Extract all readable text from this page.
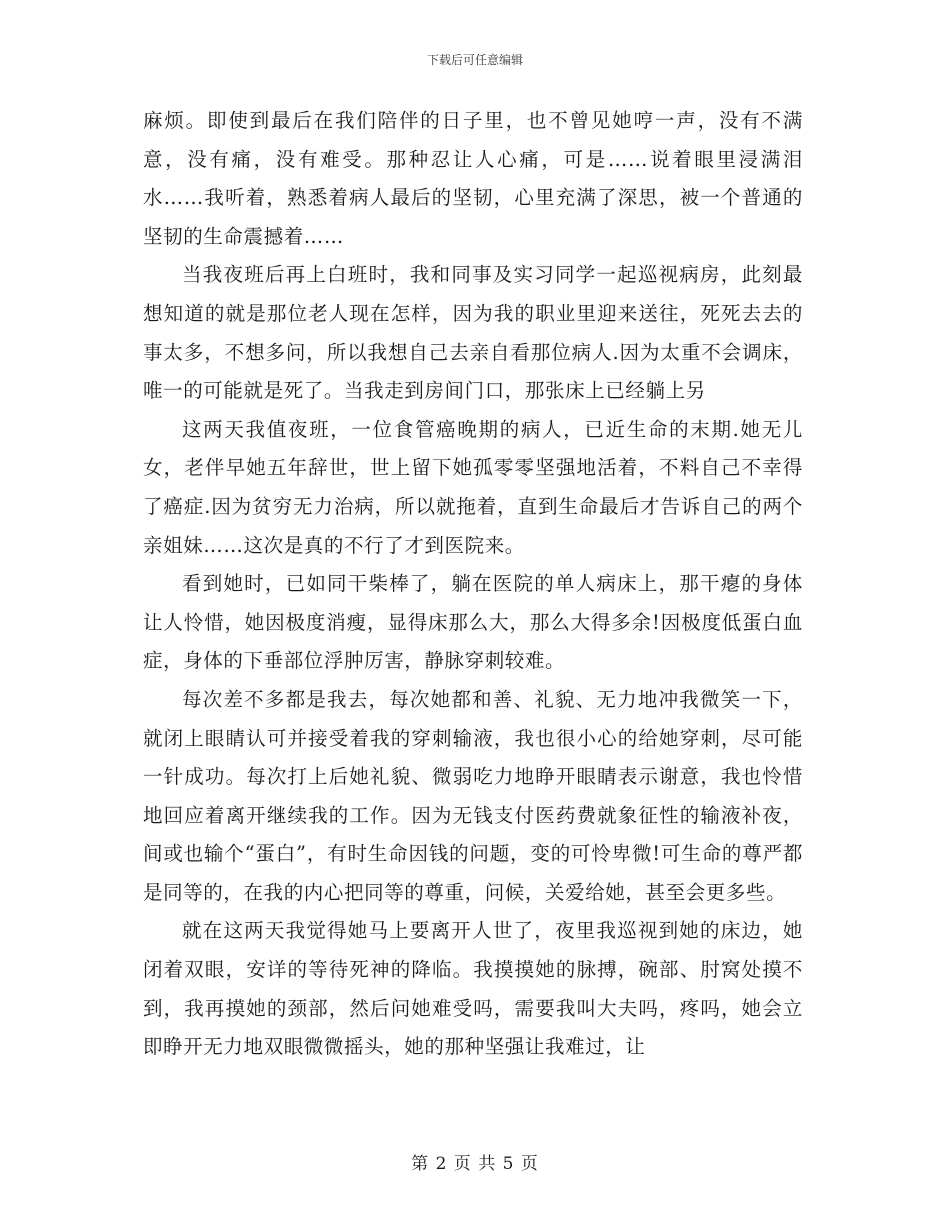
下载后可任意编辑

麻烦。即使到最后在我们陪伴的日子里，也不曾见她哼一声，没有不满意，没有痛，没有难受。那种忍让人心痛，可是……说着眼里浸满泪水……我听着，熟悉着病人最后的坚韧，心里充满了深思，被一个普通的坚韧的生命震撼着……

当我夜班后再上白班时，我和同事及实习同学一起巡视病房，此刻最想知道的就是那位老人现在怎样，因为我的职业里迎来送往，死死去去的事太多，不想多问，所以我想自己去亲自看那位病人.因为太重不会调床，唯一的可能就是死了。当我走到房间门口，那张床上已经躺上另

这两天我值夜班，一位食管癌晚期的病人，已近生命的末期.她无儿女，老伴早她五年辞世，世上留下她孤零零坚强地活着，不料自己不幸得了癌症.因为贫穷无力治病，所以就拖着，直到生命最后才告诉自己的两个亲姐妹……这次是真的不行了才到医院来。

看到她时，已如同干柴棒了，躺在医院的单人病床上，那干瘪的身体让人怜惜，她因极度消瘦，显得床那么大，那么大得多余!因极度低蛋白血症，身体的下垂部位浮肿厉害，静脉穿刺较难。

每次差不多都是我去，每次她都和善、礼貌、无力地冲我微笑一下，就闭上眼睛认可并接受着我的穿刺输液，我也很小心的给她穿刺，尽可能一针成功。每次打上后她礼貌、微弱吃力地睁开眼睛表示谢意，我也怜惜地回应着离开继续我的工作。因为无钱支付医药费就象征性的输液补夜，间或也输个“蛋白”，有时生命因钱的问题，变的可怜卑微!可生命的尊严都是同等的，在我的内心把同等的尊重，问候，关爱给她，甚至会更多些。

就在这两天我觉得她马上要离开人世了，夜里我巡视到她的床边，她闭着双眼，安详的等待死神的降临。我摸摸她的脉搏，碗部、肘窝处摸不到，我再摸她的颈部，然后问她难受吗，需要我叫大夫吗，疼吗，她会立即睁开无力地双眼微微摇头，她的那种坚强让我难过，让

第 2 页 共 5 页
